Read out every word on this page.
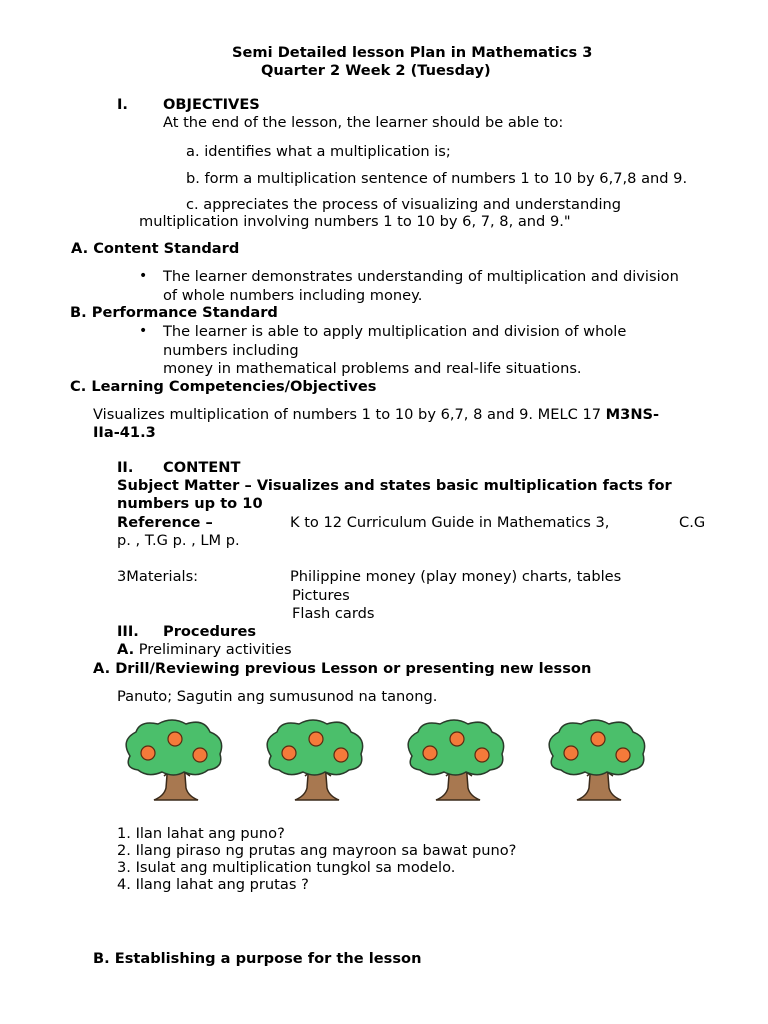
Semi Detailed lesson Plan in Mathematics 3
Quarter 2 Week 2 (Tuesday)
I. OBJECTIVES
At the end of the lesson, the learner should be able to:
a. identifies what a multiplication is;
b. form a multiplication sentence of numbers 1 to 10 by 6,7,8 and 9.
c. appreciates the process of visualizing and understanding
multiplication involving numbers 1 to 10 by 6, 7, 8, and 9."
A. Content Standard
• The learner demonstrates understanding of multiplication and division
of whole numbers including money.
B. Performance Standard
• The learner is able to apply multiplication and division of whole
numbers including
money in mathematical problems and real-life situations.
C. Learning Competencies/Objectives
Visualizes multiplication of numbers 1 to 10 by 6,7, 8 and 9. MELC 17 M3NS-
IIa-41.3
II. CONTENT
Subject Matter – Visualizes and states basic multiplication facts for
numbers up to 10
Reference –	K to 12 Curriculum Guide in Mathematics 3,	C.G
p. , T.G p. , LM p.
3Materials:	Philippine money (play money) charts, tables
Pictures
Flash cards
III. Procedures
A. Preliminary activities
A. Drill/Reviewing previous Lesson or presenting new lesson
Panuto; Sagutin ang sumusunod na tanong.
1. Ilan lahat ang puno?
2. Ilang piraso ng prutas ang mayroon sa bawat puno?
3. Isulat ang multiplication tungkol sa modelo.
4. Ilang lahat ang prutas ?
B. Establishing a purpose for the lesson
